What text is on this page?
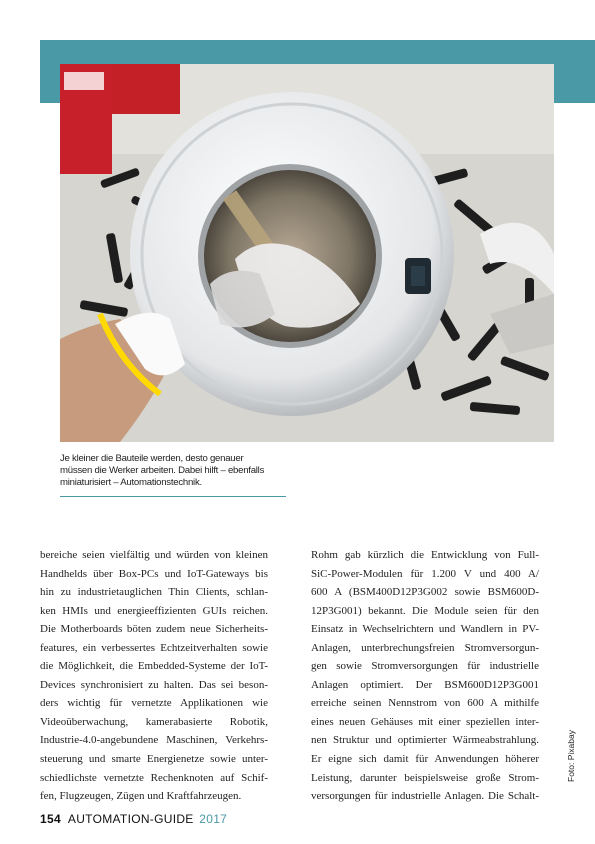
Je kleiner die Bauteile werden, desto genauer
müssen die Werker arbeiten. Dabei hilft – ebenfalls
miniaturisiert – Automationstechnik.
bereiche seien vielfältig und würden von kleinen
Handhelds über Box-PCs und IoT-Gateways bis
hin zu industrietauglichen Thin Clients, schlan-
ken HMIs und energieeffizienten GUIs reichen.
Die Motherboards böten zudem neue Sicherheits-
features, ein verbessertes Echtzeitverhalten sowie
die Möglichkeit, die Embedded-Systeme der IoT-
Devices synchronisiert zu halten. Das sei beson-
ders wichtig für vernetzte Applikationen wie
Videoüberwachung, kamerabasierte Robotik,
Industrie-4.0-angebundene Maschinen, Verkehrs-
steuerung und smarte Energienetze sowie unter-
schiedlichste vernetzte Rechenknoten auf Schif-
fen, Flugzeugen, Zügen und Kraftfahrzeugen.
Rohm gab kürzlich die Entwicklung von Full-
SiC-Power-Modulen für 1.200 V und 400 A/
600 A (BSM400D12P3G002 sowie BSM600D-
12P3G001) bekannt. Die Module seien für den
Einsatz in Wechselrichtern und Wandlern in PV-
Anlagen, unterbrechungsfreien Stromversorgun-
gen sowie Stromversorgungen für industrielle
Anlagen optimiert. Der BSM600D12P3G001
erreiche seinen Nennstrom von 600 A mithilfe
eines neuen Gehäuses mit einer speziellen inter-
nen Struktur und optimierter Wärmeabstrahlung.
Er eigne sich damit für Anwendungen höherer
Leistung, darunter beispielsweise große Strom-
versorgungen für industrielle Anlagen. Die Schalt-
Foto: Pixabay
154 AUTOMATION-GUIDE 2017
